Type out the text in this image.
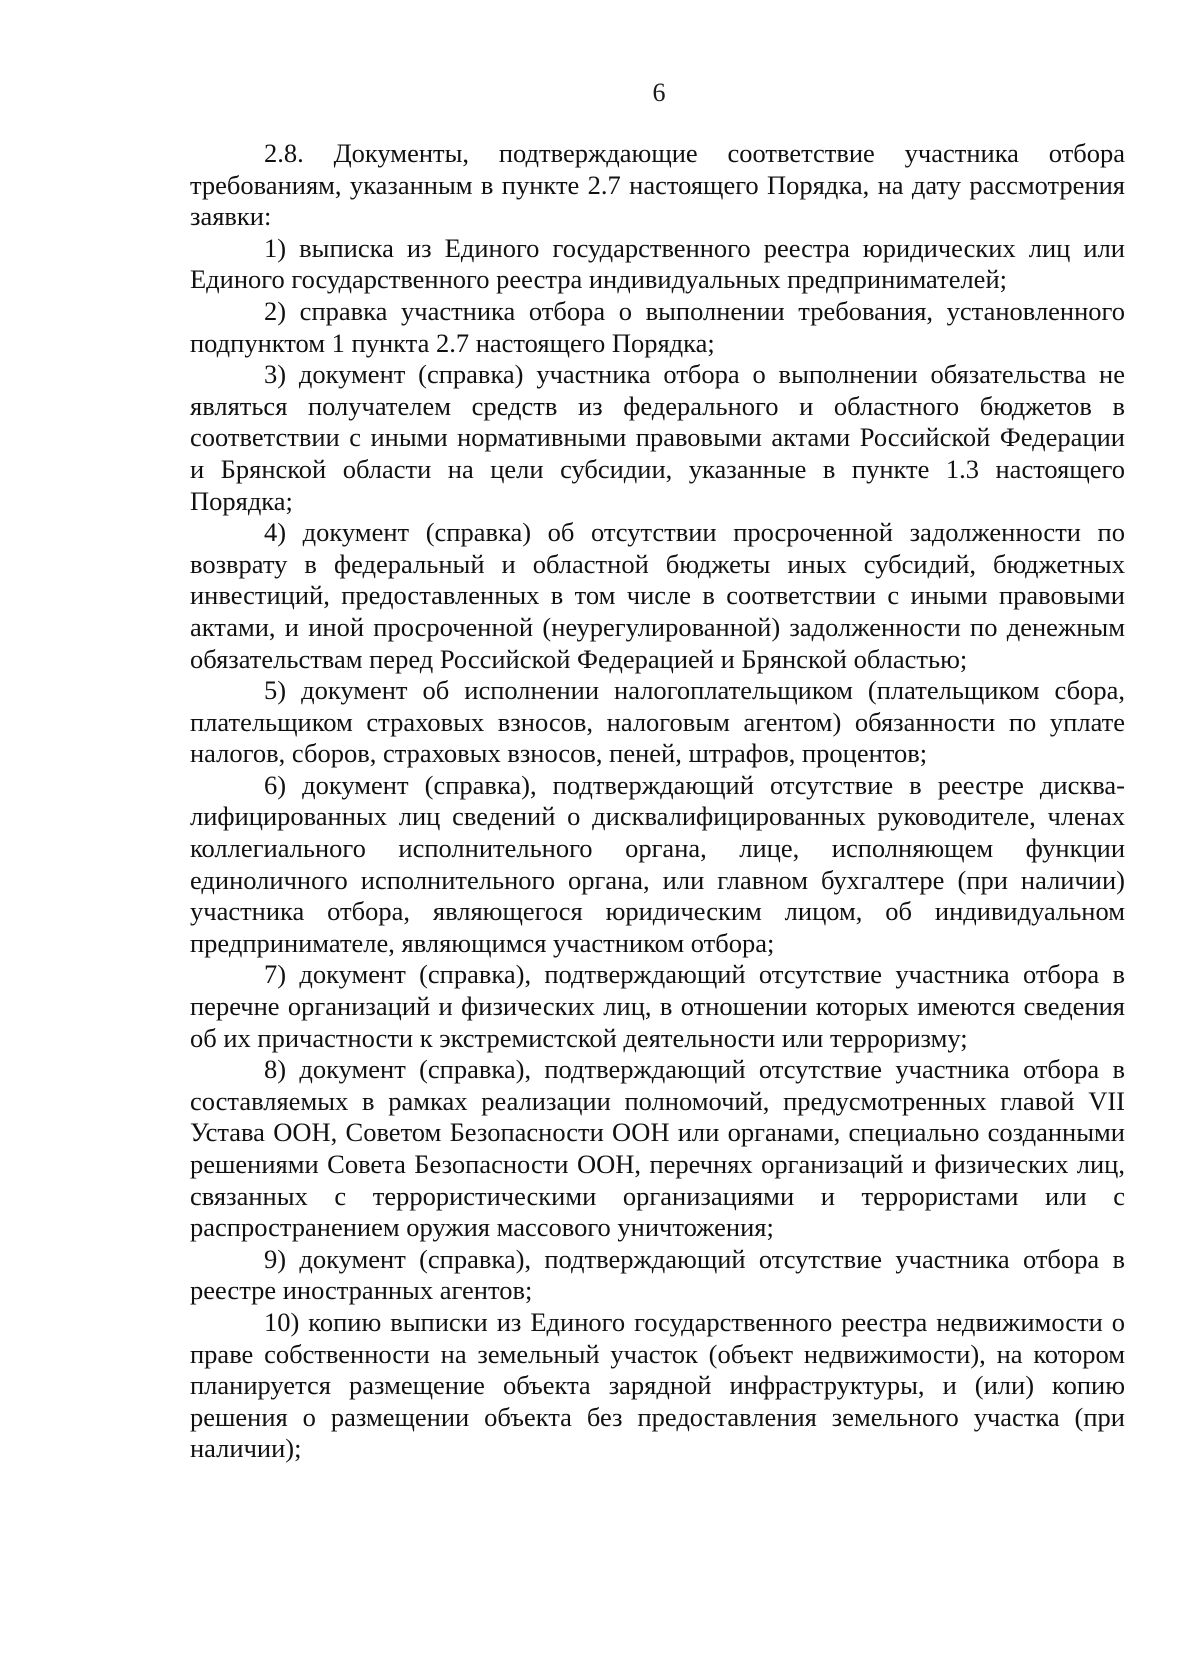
6

2.8. Документы, подтверждающие соответствие участника отбора требованиям, указанным в пункте 2.7 настоящего Порядка, на дату рассмотрения заявки:

1) выписка из Единого государственного реестра юридических лиц или Единого государственного реестра индивидуальных предпринимателей;

2) справка участника отбора о выполнении требования, установленного подпунктом 1 пункта 2.7 настоящего Порядка;

3) документ (справка) участника отбора о выполнении обязательства не являться получателем средств из федерального и областного бюджетов в соответствии с иными нормативными правовыми актами Российской Федерации и Брянской области на цели субсидии, указанные в пункте 1.3 настоящего Порядка;

4) документ (справка) об отсутствии просроченной задолженности по возврату в федеральный и областной бюджеты иных субсидий, бюджетных инвестиций, предоставленных в том числе в соответствии с иными правовыми актами, и иной просроченной (неурегулированной) задолженности по денежным обязательствам перед Российской Федерацией и Брянской областью;

5) документ об исполнении налогоплательщиком (плательщиком сбора, плательщиком страховых взносов, налоговым агентом) обязанности по уплате налогов, сборов, страховых взносов, пеней, штрафов, процентов;

6) документ (справка), подтверждающий отсутствие в реестре дисквалифицированных лиц сведений о дисквалифицированных руководителе, членах коллегиального исполнительного органа, лице, исполняющем функции единоличного исполнительного органа, или главном бухгалтере (при наличии) участника отбора, являющегося юридическим лицом, об индивидуальном предпринимателе, являющимся участником отбора;

7) документ (справка), подтверждающий отсутствие участника отбора в перечне организаций и физических лиц, в отношении которых имеются сведения об их причастности к экстремистской деятельности или терроризму;

8) документ (справка), подтверждающий отсутствие участника отбора в составляемых в рамках реализации полномочий, предусмотренных главой VII Устава ООН, Советом Безопасности ООН или органами, специально созданными решениями Совета Безопасности ООН, перечнях организаций и физических лиц, связанных с террористическими организациями и террористами или с распространением оружия массового уничтожения;

9) документ (справка), подтверждающий отсутствие участника отбора в реестре иностранных агентов;

10) копию выписки из Единого государственного реестра недвижимости о праве собственности на земельный участок (объект недвижимости), на котором планируется размещение объекта зарядной инфраструктуры, и (или) копию решения о размещении объекта без предоставления земельного участка (при наличии);
